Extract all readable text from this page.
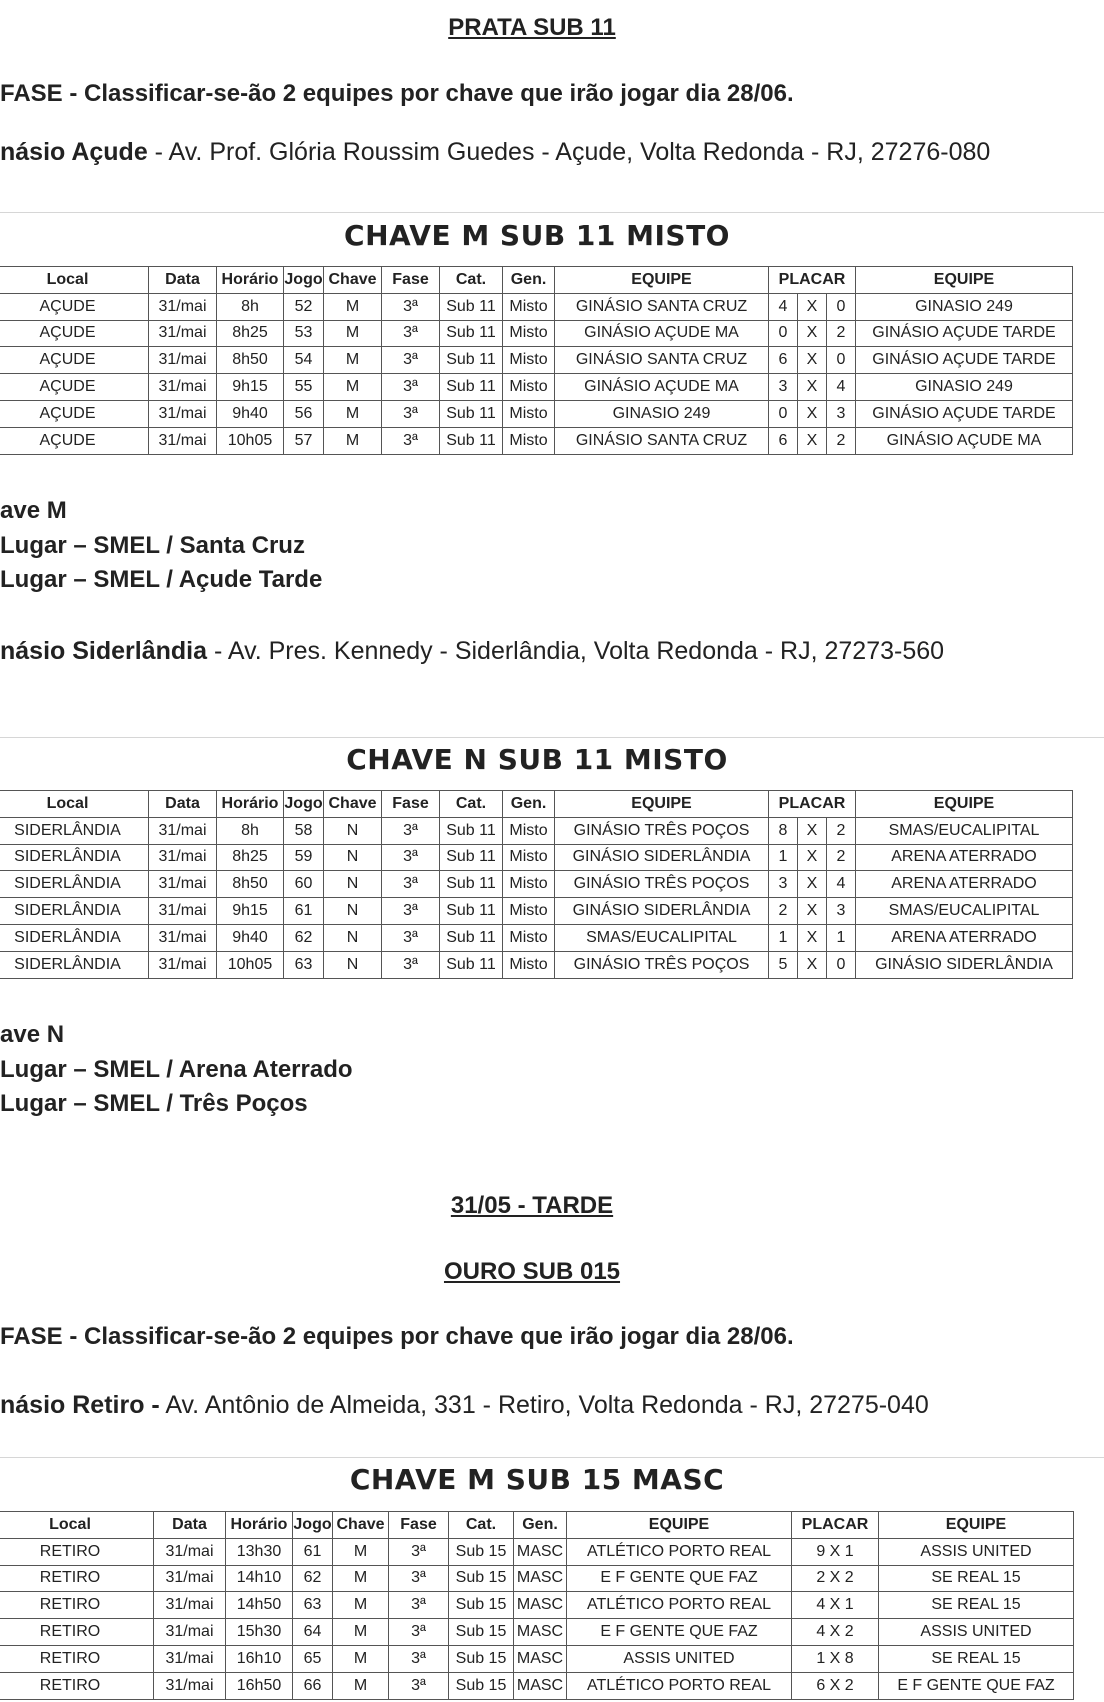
PRATA SUB 11
FASE - Classificar-se-ão 2 equipes por chave que irão jogar dia 28/06.
násio Açude - Av. Prof. Glória Roussim Guedes - Açude, Volta Redonda - RJ, 27276-080
CHAVE M SUB 11 MISTO
Local	Data	Horário	Jogo	Chave	Fase	Cat.	Gen.	EQUIPE	PLACAR			EQUIPE
AÇUDE	31/mai	8h	52	M	3ª	Sub 11	Misto	GINÁSIO SANTA CRUZ	4	X	0	GINASIO 249
AÇUDE	31/mai	8h25	53	M	3ª	Sub 11	Misto	GINÁSIO AÇUDE MA	0	X	2	GINÁSIO AÇUDE TARDE
AÇUDE	31/mai	8h50	54	M	3ª	Sub 11	Misto	GINÁSIO SANTA CRUZ	6	X	0	GINÁSIO AÇUDE TARDE
AÇUDE	31/mai	9h15	55	M	3ª	Sub 11	Misto	GINÁSIO AÇUDE MA	3	X	4	GINASIO 249
AÇUDE	31/mai	9h40	56	M	3ª	Sub 11	Misto	GINASIO 249	0	X	3	GINÁSIO AÇUDE TARDE
AÇUDE	31/mai	10h05	57	M	3ª	Sub 11	Misto	GINÁSIO SANTA CRUZ	6	X	2	GINÁSIO AÇUDE MA
ave M
Lugar – SMEL / Santa Cruz
Lugar – SMEL / Açude Tarde
násio Siderlândia - Av. Pres. Kennedy - Siderlândia, Volta Redonda - RJ, 27273-560
CHAVE N SUB 11 MISTO
Local	Data	Horário	Jogo	Chave	Fase	Cat.	Gen.	EQUIPE	PLACAR			EQUIPE
SIDERLÂNDIA	31/mai	8h	58	N	3ª	Sub 11	Misto	GINÁSIO TRÊS POÇOS	8	X	2	SMAS/EUCALIPITAL
SIDERLÂNDIA	31/mai	8h25	59	N	3ª	Sub 11	Misto	GINÁSIO SIDERLÂNDIA	1	X	2	ARENA ATERRADO
SIDERLÂNDIA	31/mai	8h50	60	N	3ª	Sub 11	Misto	GINÁSIO TRÊS POÇOS	3	X	4	ARENA ATERRADO
SIDERLÂNDIA	31/mai	9h15	61	N	3ª	Sub 11	Misto	GINÁSIO SIDERLÂNDIA	2	X	3	SMAS/EUCALIPITAL
SIDERLÂNDIA	31/mai	9h40	62	N	3ª	Sub 11	Misto	SMAS/EUCALIPITAL	1	X	1	ARENA ATERRADO
SIDERLÂNDIA	31/mai	10h05	63	N	3ª	Sub 11	Misto	GINÁSIO TRÊS POÇOS	5	X	0	GINÁSIO SIDERLÂNDIA
ave N
Lugar – SMEL / Arena Aterrado
Lugar – SMEL / Três Poços
31/05 - TARDE
OURO SUB 015
FASE - Classificar-se-ão 2 equipes por chave que irão jogar dia 28/06.
násio Retiro - Av. Antônio de Almeida, 331 - Retiro, Volta Redonda - RJ, 27275-040
CHAVE M SUB 15 MASC
Local	Data	Horário	Jogo	Chave	Fase	Cat.	Gen.	EQUIPE	PLACAR	EQUIPE
RETIRO	31/mai	13h30	61	M	3ª	Sub 15	MASC	ATLÉTICO PORTO REAL	9 X 1	ASSIS UNITED
RETIRO	31/mai	14h10	62	M	3ª	Sub 15	MASC	E F GENTE QUE FAZ	2 X 2	SE REAL 15
RETIRO	31/mai	14h50	63	M	3ª	Sub 15	MASC	ATLÉTICO PORTO REAL	4 X 1	SE REAL 15
RETIRO	31/mai	15h30	64	M	3ª	Sub 15	MASC	E F GENTE QUE FAZ	4 X 2	ASSIS UNITED
RETIRO	31/mai	16h10	65	M	3ª	Sub 15	MASC	ASSIS UNITED	1 X 8	SE REAL 15
RETIRO	31/mai	16h50	66	M	3ª	Sub 15	MASC	ATLÉTICO PORTO REAL	6 X 2	E F GENTE QUE FAZ
